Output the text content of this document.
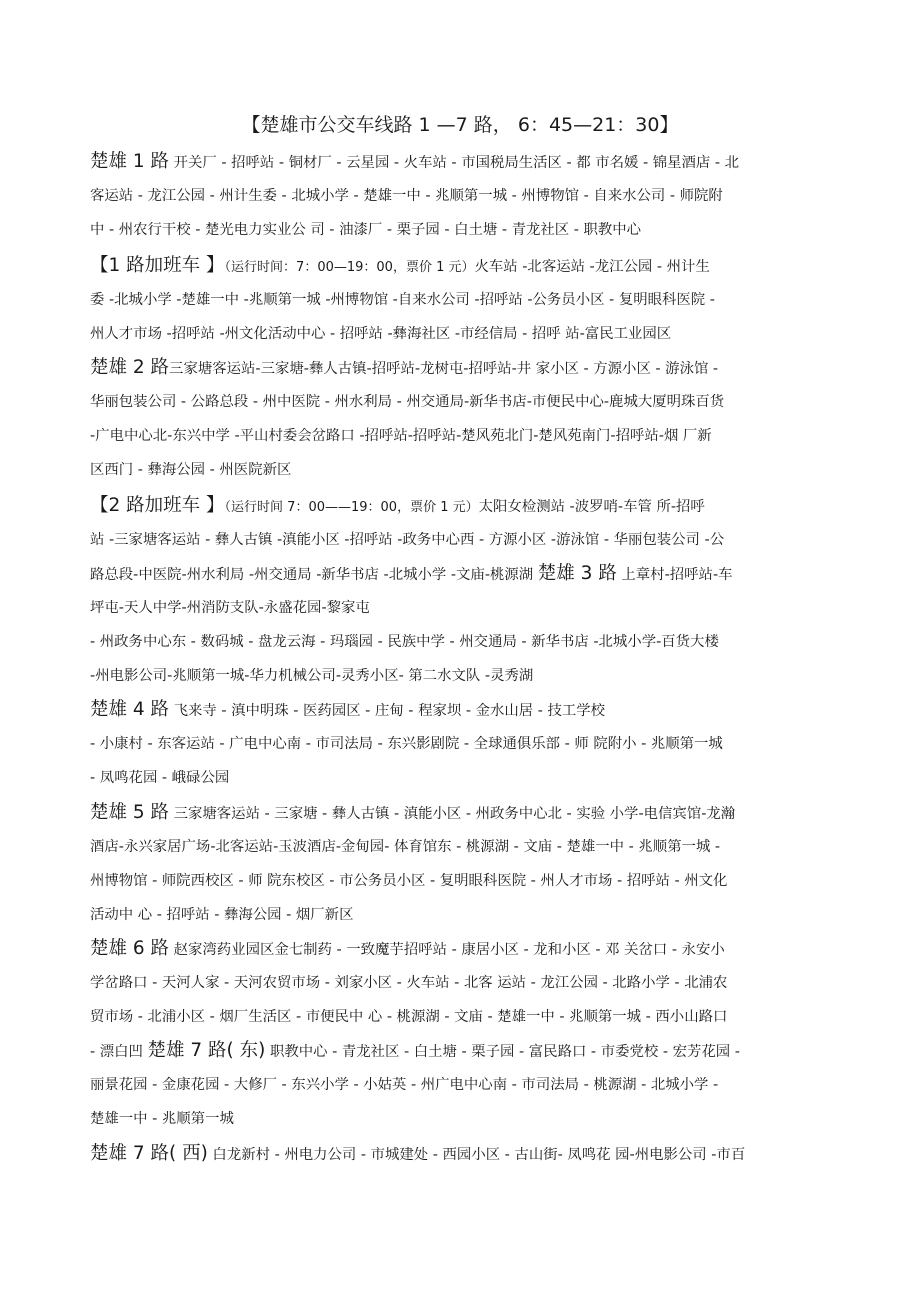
【楚雄市公交车线路 1 —7 路， 6：45—21：30】
楚雄 1 路 开关厂 - 招呼站 - 铜材厂 - 云星园 - 火车站 - 市国税局生活区 - 都 市名媛 - 锦星酒店 - 北
客运站 - 龙江公园 - 州计生委 - 北城小学 - 楚雄一中 - 兆顺第一城 - 州博物馆 - 自来水公司 - 师院附
中 - 州农行干校 - 楚光电力实业公 司 - 油漆厂 - 栗子园 - 白土塘 - 青龙社区 - 职教中心
【1 路加班车 】（运行时间：7：00—19：00，票价 1 元）火车站 -北客运站 -龙江公园 - 州计生
委 -北城小学 -楚雄一中 -兆顺第一城 -州博物馆 -自来水公司 -招呼站 -公务员小区 - 复明眼科医院 -
州人才市场 -招呼站 -州文化活动中心 - 招呼站 -彝海社区 -市经信局 - 招呼 站-富民工业园区
楚雄 2 路三家塘客运站-三家塘-彝人古镇-招呼站-龙树屯-招呼站-井 家小区 - 方源小区 - 游泳馆 -
华丽包装公司 - 公路总段 - 州中医院 - 州水利局 - 州交通局-新华书店-市便民中心-鹿城大厦明珠百货
-广电中心北-东兴中学 -平山村委会岔路口 -招呼站-招呼站-楚风苑北门-楚风苑南门-招呼站-烟 厂新
区西门 - 彝海公园 - 州医院新区
【2 路加班车 】（运行时间 7：00——19：00，票价 1 元）太阳女检测站 -波罗哨-车管 所-招呼
站 -三家塘客运站 - 彝人古镇 -滇能小区 -招呼站 -政务中心西 - 方源小区 -游泳馆 - 华丽包装公司 -公
路总段-中医院-州水利局 -州交通局 -新华书店 -北城小学 -文庙-桃源湖 楚雄 3 路 上章村-招呼站-车
坪屯-天人中学-州消防支队-永盛花园-黎家屯
- 州政务中心东 - 数码城 - 盘龙云海 - 玛瑙园 - 民族中学 - 州交通局 - 新华书店 -北城小学-百货大楼
-州电影公司-兆顺第一城-华力机械公司-灵秀小区- 第二水文队 -灵秀湖
楚雄 4 路 飞来寺 - 滇中明珠 - 医药园区 - 庄甸 - 程家坝 - 金水山居 - 技工学校
- 小康村 - 东客运站 - 广电中心南 - 市司法局 - 东兴影剧院 - 全球通俱乐部 - 师 院附小 - 兆顺第一城
- 凤鸣花园 - 峨碌公园
楚雄 5 路 三家塘客运站 - 三家塘 - 彝人古镇 - 滇能小区 - 州政务中心北 - 实验 小学-电信宾馆-龙瀚
酒店-永兴家居广场-北客运站-玉波酒店-金甸园- 体育馆东 - 桃源湖 - 文庙 - 楚雄一中 - 兆顺第一城 -
州博物馆 - 师院西校区 - 师 院东校区 - 市公务员小区 - 复明眼科医院 - 州人才市场 - 招呼站 - 州文化
活动中 心 - 招呼站 - 彝海公园 - 烟厂新区
楚雄 6 路 赵家湾药业园区金七制药 - 一致魔芋招呼站 - 康居小区 - 龙和小区 - 邓 关岔口 - 永安小
学岔路口 - 天河人家 - 天河农贸市场 - 刘家小区 - 火车站 - 北客 运站 - 龙江公园 - 北路小学 - 北浦农
贸市场 - 北浦小区 - 烟厂生活区 - 市便民中 心 - 桃源湖 - 文庙 - 楚雄一中 - 兆顺第一城 - 西小山路口
- 漂白凹 楚雄 7 路( 东) 职教中心 - 青龙社区 - 白土塘 - 栗子园 - 富民路口 - 市委党校 - 宏芳花园 -
丽景花园 - 金康花园 - 大修厂 - 东兴小学 - 小姑英 - 州广电中心南 - 市司法局 - 桃源湖 - 北城小学 -
楚雄一中 - 兆顺第一城
楚雄 7 路( 西) 白龙新村 - 州电力公司 - 市城建处 - 西园小区 - 古山街- 凤鸣花 园-州电影公司 -市百
